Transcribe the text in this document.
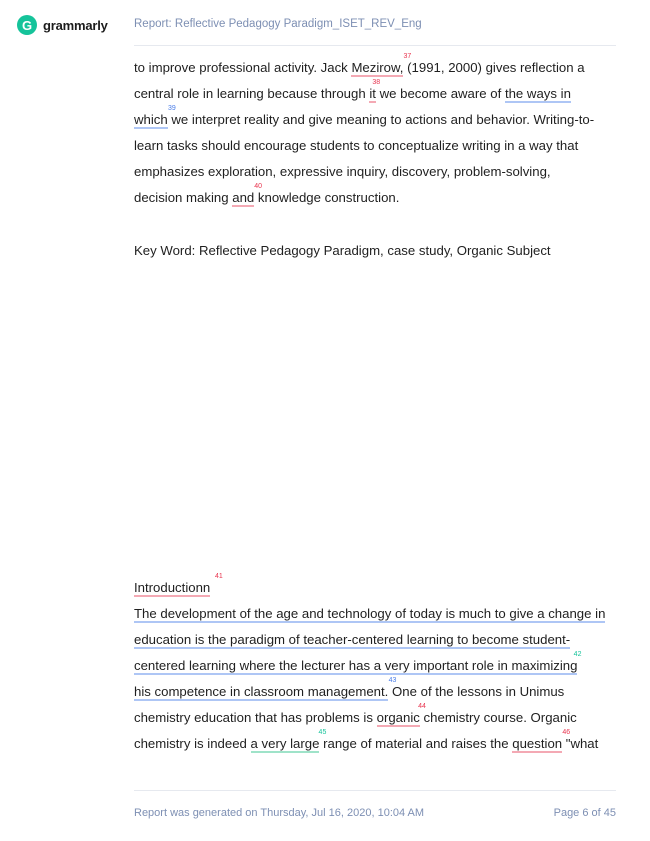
G grammarly Report: Reflective Pedagogy Paradigm_ISET_REV_Eng
to improve professional activity. Jack
37
Mezirow, (1991, 2000) gives reflection a
central role in learning because through
38
it we become aware of the ways in
39
which we interpret reality and give meaning to actions and behavior. Writing-to-
learn tasks should encourage students to conceptualize writing in a way that
emphasizes exploration, expressive inquiry, discovery, problem-solving,
decision making
40
and knowledge construction.
Key Word: Reflective Pedagogy Paradigm, case study, Organic Subject
41
Introductionn
The development of the age and technology of today is much to give a change in
education is the paradigm of teacher-centered learning to become student-
42
centered learning where the lecturer has a very important role in maximizing
43
his competence in classroom management. One of the lessons in Unimus
chemistry education that has problems is
44
organic chemistry course. Organic
chemistry is indeed
45
a very large range of material and raises the
46
question "what
Report was generated on Thursday, Jul 16, 2020, 10:04 AM	Page 6 of 45
